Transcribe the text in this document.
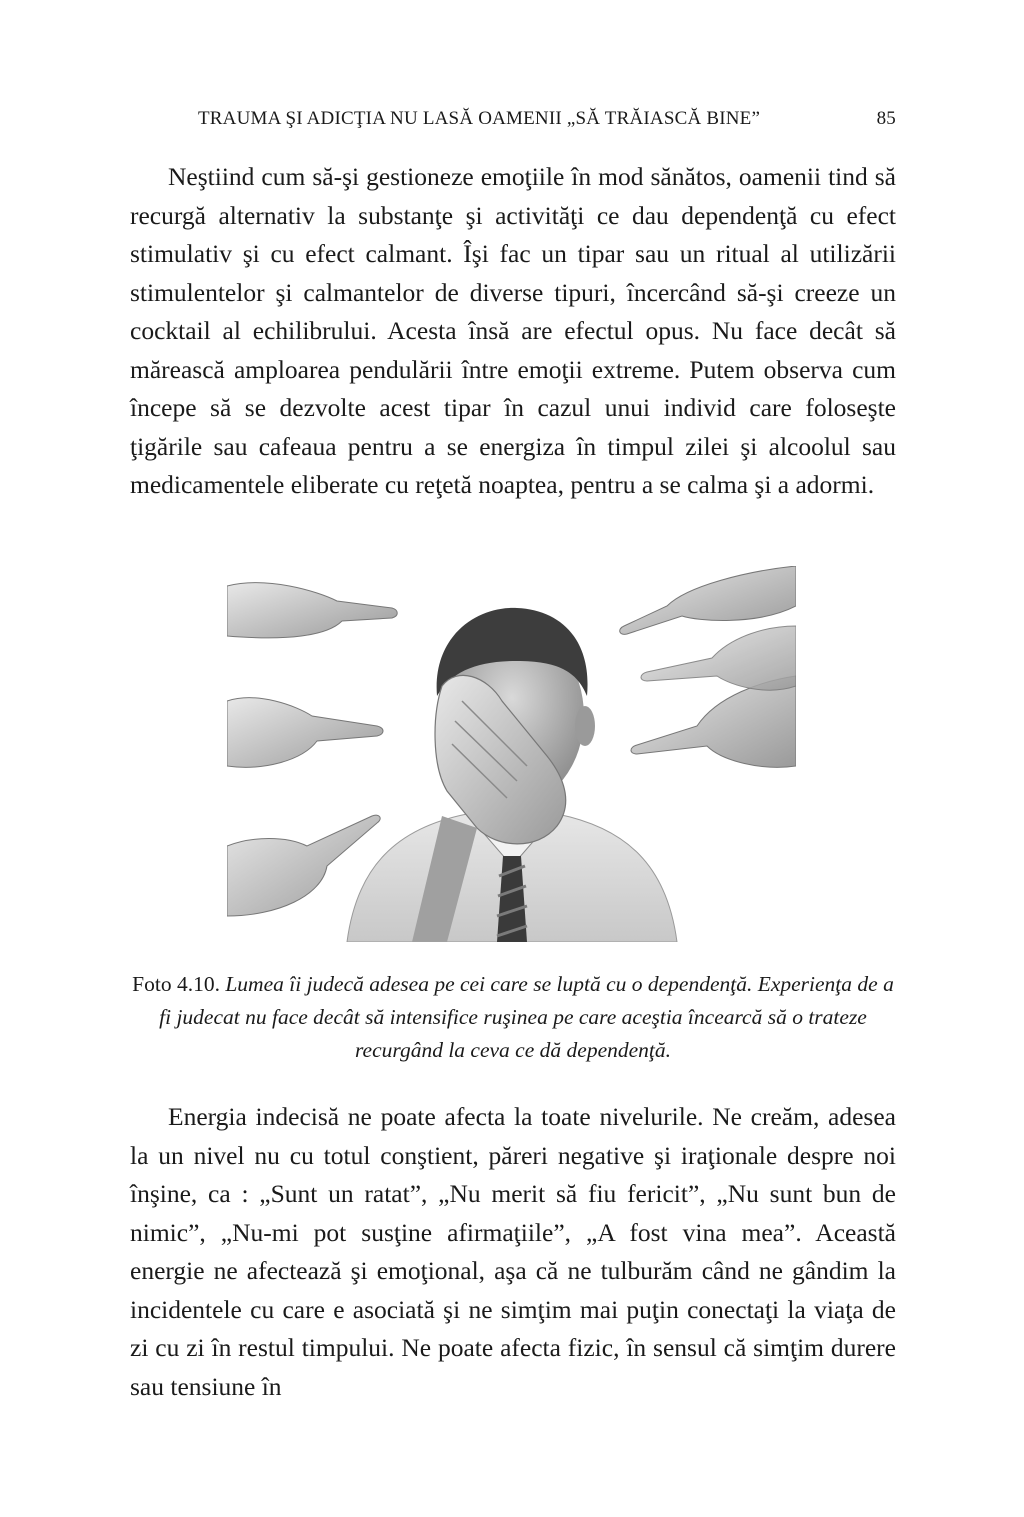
TRAUMA ŞI ADICŢIA NU LASĂ OAMENII „SĂ TRĂIASCĂ BINE”	85

Neştiind cum să-şi gestioneze emoţiile în mod sănătos, oamenii tind să recurgă alternativ la substanţe şi activităţi ce dau dependenţă cu efect stimulativ şi cu efect calmant. Îşi fac un tipar sau un ritual al utilizării stimulentelor şi calmantelor de diverse tipuri, încercând să-şi creeze un cocktail al echilibrului. Acesta însă are efectul opus. Nu face decât să mărească amploarea pendulării între emoţii extreme. Putem observa cum începe să se dezvolte acest tipar în cazul unui individ care foloseşte ţigările sau cafeaua pentru a se energiza în timpul zilei şi alcoolul sau medicamentele eliberate cu reţetă noaptea, pentru a se calma şi a adormi.

Foto 4.10. Lumea îi judecă adesea pe cei care se luptă cu o dependenţă. Experienţa de a fi judecat nu face decât să intensifice ruşinea pe care aceştia încearcă să o trateze recurgând la ceva ce dă dependenţă.

Energia indecisă ne poate afecta la toate nivelurile. Ne creăm, adesea la un nivel nu cu totul conştient, păreri negative şi iraţionale despre noi înşine, ca : „Sunt un ratat”, „Nu merit să fiu fericit”, „Nu sunt bun de nimic”, „Nu-mi pot susţine afirmaţiile”, „A fost vina mea”. Această energie ne afectează şi emoţional, aşa că ne tulburăm când ne gândim la incidentele cu care e asociată şi ne simţim mai puţin conectaţi la viaţa de zi cu zi în restul timpului. Ne poate afecta fizic, în sensul că simţim durere sau tensiune în
